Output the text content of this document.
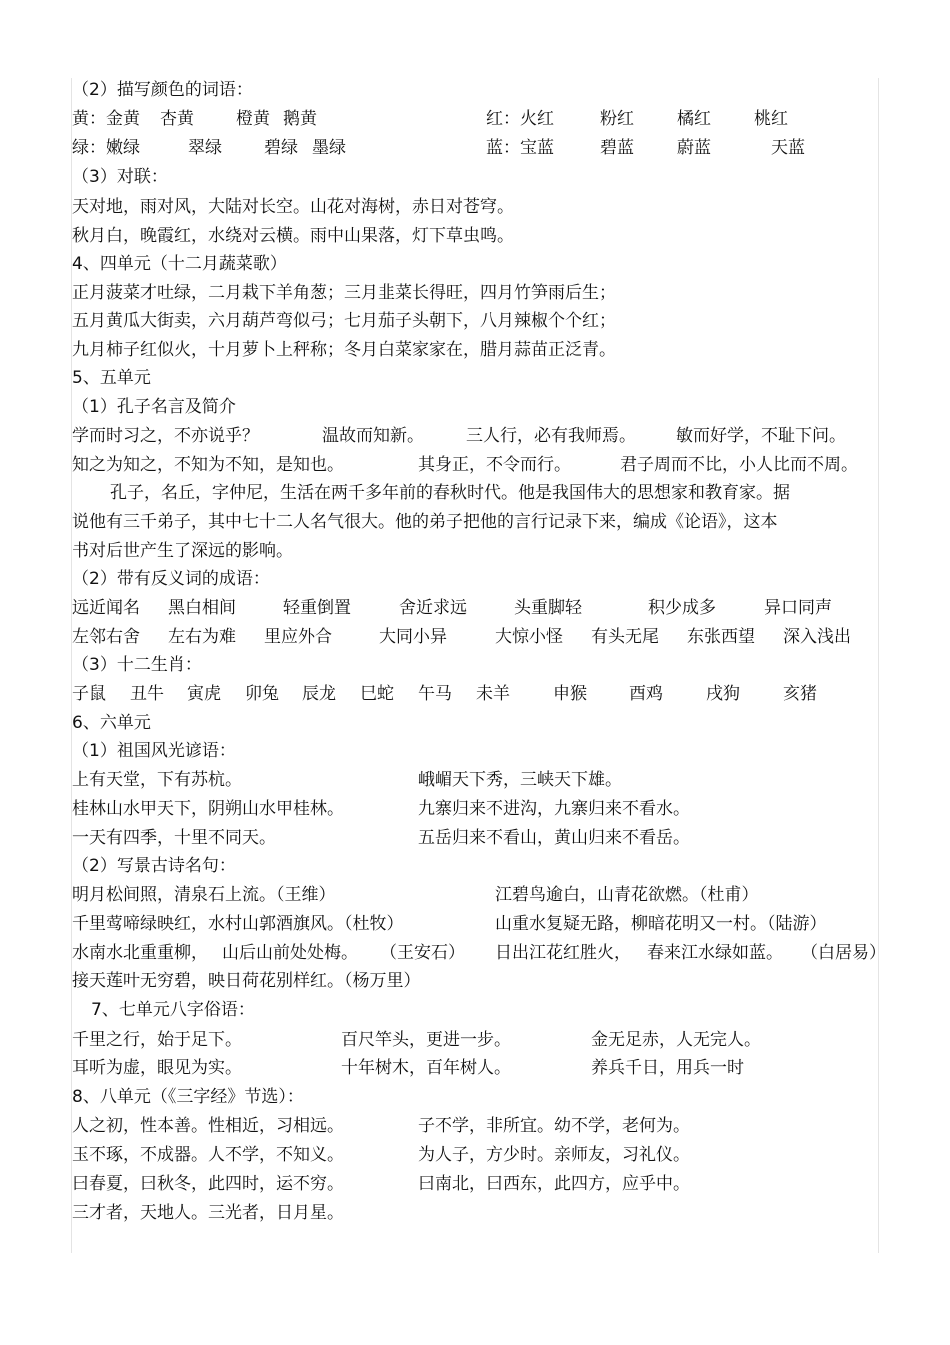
（2）描写颜色的词语：
黄：金黄 杏黄 橙黄 鹅黄	红：火红	粉红	橘红	桃红
绿：嫩绿	翠绿 碧绿 墨绿	蓝：宝蓝	碧蓝	蔚蓝	天蓝
（3）对联：
天对地，雨对风，大陆对长空。山花对海树，赤日对苍穹。
秋月白，晚霞红，水绕对云横。雨中山果落，灯下草虫鸣。
4、四单元（十二月蔬菜歌）
正月菠菜才吐绿，二月栽下羊角葱；三月韭菜长得旺，四月竹笋雨后生；
五月黄瓜大街卖，六月葫芦弯似弓；七月茄子头朝下，八月辣椒个个红；
九月柿子红似火，十月萝卜上秤称；冬月白菜家家在，腊月蒜苗正泛青。
5、五单元
（1）孔子名言及简介
学而时习之，不亦说乎？	温故而知新。 三人行，必有我师焉。 敏而好学，不耻下问。
知之为知之，不知为不知，是知也。	其身正，不令而行。	君子周而不比，小人比而不周。
孔子，名丘，字仲尼，生活在两千多年前的春秋时代。他是我国伟大的思想家和教育家。据
说他有三千弟子，其中七十二人名气很大。他的弟子把他的言行记录下来，编成《论语》，这本
书对后世产生了深远的影响。
（2）带有反义词的成语：
远近闻名 黑白相间	轻重倒置	舍近求远	头重脚轻	积少成多	异口同声
左邻右舍 左右为难 里应外合	大同小异	大惊小怪 有头无尾 东张西望 深入浅出
（3）十二生肖：
子鼠 丑牛 寅虎 卯兔 辰龙 巳蛇 午马 未羊	申猴 酉鸡	戌狗	亥猪
6、六单元
（1）祖国风光谚语：
上有天堂，下有苏杭。	峨嵋天下秀，三峡天下雄。
桂林山水甲天下，阴朔山水甲桂林。	九寨归来不进沟，九寨归来不看水。
一天有四季，十里不同天。	五岳归来不看山，黄山归来不看岳。
（2）写景古诗名句：
明月松间照，清泉石上流。（王维）	江碧鸟逾白，山青花欲燃。（杜甫）
千里莺啼绿映红，水村山郭酒旗风。（杜牧）	山重水复疑无路，柳暗花明又一村。（陆游）
水南水北重重柳， 山后山前处处梅。 （王安石） 日出江花红胜火， 春来江水绿如蓝。 （白居易）
接天莲叶无穷碧，映日荷花别样红。（杨万里）
7、七单元八字俗语：
千里之行，始于足下。	百尺竿头，更进一步。	金无足赤，人无完人。
耳听为虚，眼见为实。	十年树木，百年树人。	养兵千日，用兵一时
8、八单元（《三字经》节选）：
人之初，性本善。性相近，习相远。	子不学，非所宜。幼不学，老何为。
玉不琢，不成器。人不学，不知义。	为人子，方少时。亲师友，习礼仪。
曰春夏，曰秋冬，此四时，运不穷。	曰南北，曰西东，此四方，应乎中。
三才者，天地人。三光者，日月星。
